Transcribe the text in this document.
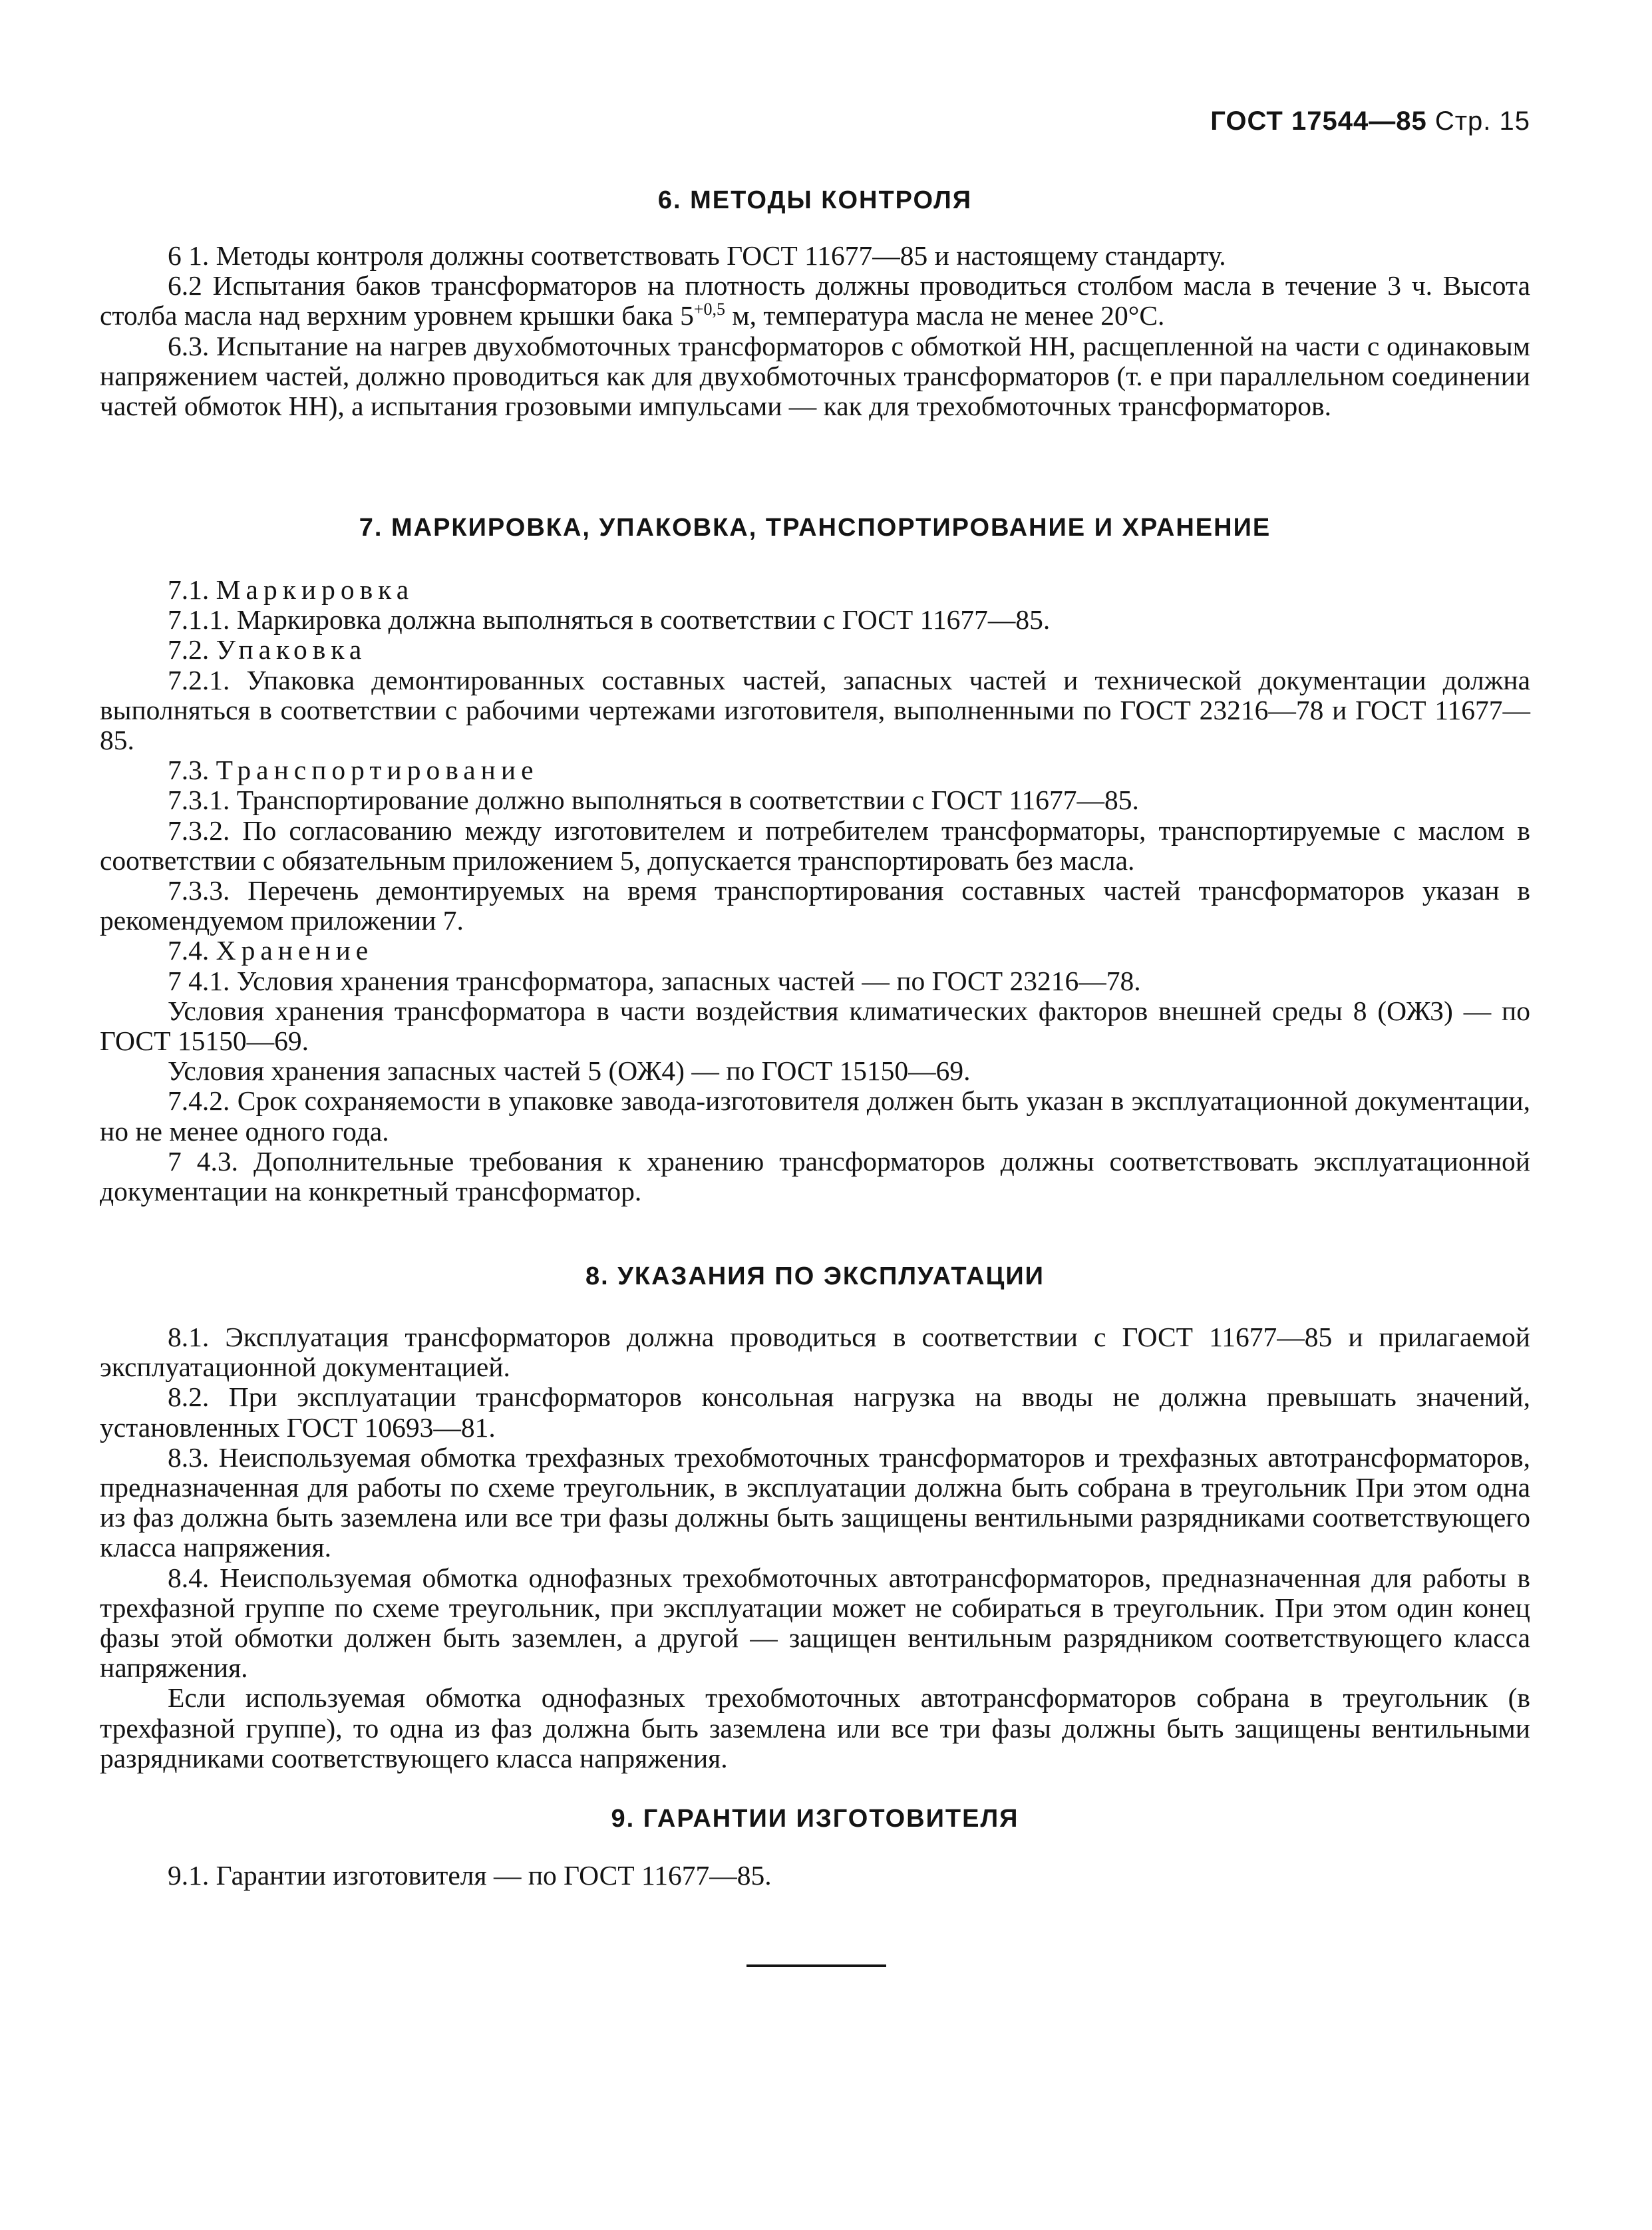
ГОСТ 17544—85 Стр. 15
6. МЕТОДЫ КОНТРОЛЯ

6 1. Методы контроля должны соответствовать ГОСТ 11677—85 и настоящему стандарту.

6.2 Испытания баков трансформаторов на плотность должны проводиться столбом масла в течение 3 ч. Высота столба масла над верхним уровнем крышки бака $5^{+0,5}$ м, температура масла не менее 20°С.

6.3. Испытание на нагрев двухобмоточных трансформаторов с обмоткой НН, расщепленной на части с одинаковым напряжением частей, должно проводиться как для двухобмоточных трансформаторов (т. е при параллельном соединении частей обмоток НН), а испытания грозовыми импульсами — как для трехобмоточных трансформаторов.

7. МАРКИРОВКА, УПАКОВКА, ТРАНСПОРТИРОВАНИЕ И ХРАНЕНИЕ

7.1. Маркировка

7.1.1. Маркировка должна выполняться в соответствии с ГОСТ 11677—85.

7.2. Упаковка

7.2.1. Упаковка демонтированных составных частей, запасных частей и технической документации должна выполняться в соответствии с рабочими чертежами изготовителя, выполненными по ГОСТ 23216—78 и ГОСТ 11677—85.

7.3. Транспортирование

7.3.1. Транспортирование должно выполняться в соответствии с ГОСТ 11677—85.

7.3.2. По согласованию между изготовителем и потребителем трансформаторы, транспортируемые с маслом в соответствии с обязательным приложением 5, допускается транспортировать без масла.

7.3.3. Перечень демонтируемых на время транспортирования составных частей трансформаторов указан в рекомендуемом приложении 7.

7.4. Хранение

7 4.1. Условия хранения трансформатора, запасных частей — по ГОСТ 23216—78.

Условия хранения трансформатора в части воздействия климатических факторов внешней среды 8 (ОЖЗ) — по ГОСТ 15150—69.

Условия хранения запасных частей 5 (ОЖ4) — по ГОСТ 15150—69.

7.4.2. Срок сохраняемости в упаковке завода-изготовителя должен быть указан в эксплуатационной документации, но не менее одного года.

7 4.3. Дополнительные требования к хранению трансформаторов должны соответствовать эксплуатационной документации на конкретный трансформатор.

8. УКАЗАНИЯ ПО ЭКСПЛУАТАЦИИ

8.1. Эксплуатация трансформаторов должна проводиться в соответствии с ГОСТ 11677—85 и прилагаемой эксплуатационной документацией.

8.2. При эксплуатации трансформаторов консольная нагрузка на вводы не должна превышать значений, установленных ГОСТ 10693—81.

8.3. Неиспользуемая обмотка трехфазных трехобмоточных трансформаторов и трехфазных автотрансформаторов, предназначенная для работы по схеме треугольник, в эксплуатации должна быть собрана в треугольник При этом одна из фаз должна быть заземлена или все три фазы должны быть защищены вентильными разрядниками соответствующего класса напряжения.

8.4. Неиспользуемая обмотка однофазных трехобмоточных автотрансформаторов, предназначенная для работы в трехфазной группе по схеме треугольник, при эксплуатации может не собираться в треугольник. При этом один конец фазы этой обмотки должен быть заземлен, а другой — защищен вентильным разрядником соответствующего класса напряжения.

Если используемая обмотка однофазных трехобмоточных автотрансформаторов собрана в треугольник (в трехфазной группе), то одна из фаз должна быть заземлена или все три фазы должны быть защищены вентильными разрядниками соответствующего класса напряжения.

9. ГАРАНТИИ ИЗГОТОВИТЕЛЯ

9.1. Гарантии изготовителя — по ГОСТ 11677—85.
